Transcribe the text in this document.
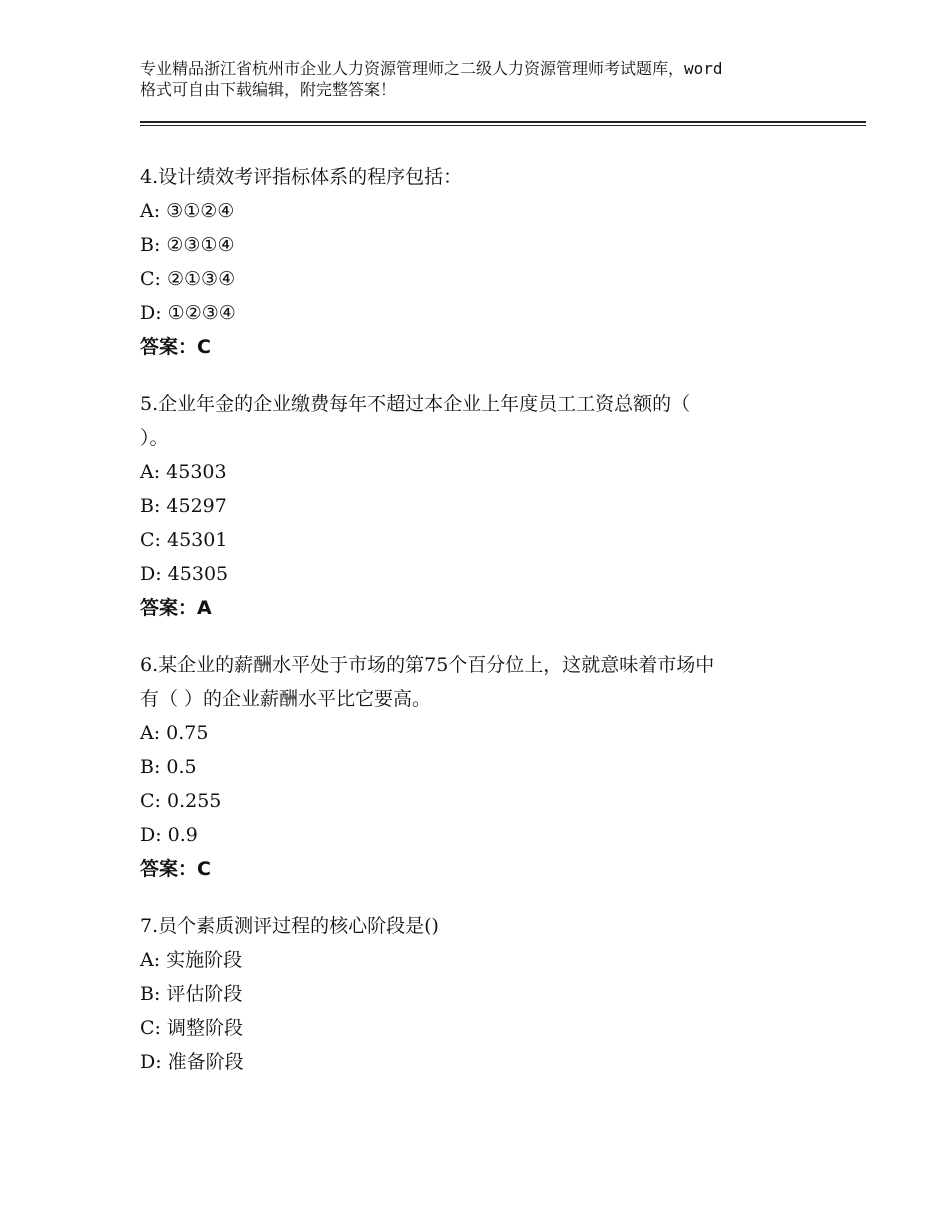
专业精品浙江省杭州市企业人力资源管理师之二级人力资源管理师考试题库，word
格式可自由下载编辑，附完整答案！
4.设计绩效考评指标体系的程序包括：
A: ③①②④
B: ②③①④
C: ②①③④
D: ①②③④
答案：C
5.企业年金的企业缴费每年不超过本企业上年度员工工资总额的（
）。
A: 45303
B: 45297
C: 45301
D: 45305
答案：A
6.某企业的薪酬水平处于市场的第75个百分位上，这就意味着市场中
有（ ）的企业薪酬水平比它要高。
A: 0.75
B: 0.5
C: 0.255
D: 0.9
答案：C
7.员个素质测评过程的核心阶段是()
A: 实施阶段
B: 评估阶段
C: 调整阶段
D: 准备阶段
